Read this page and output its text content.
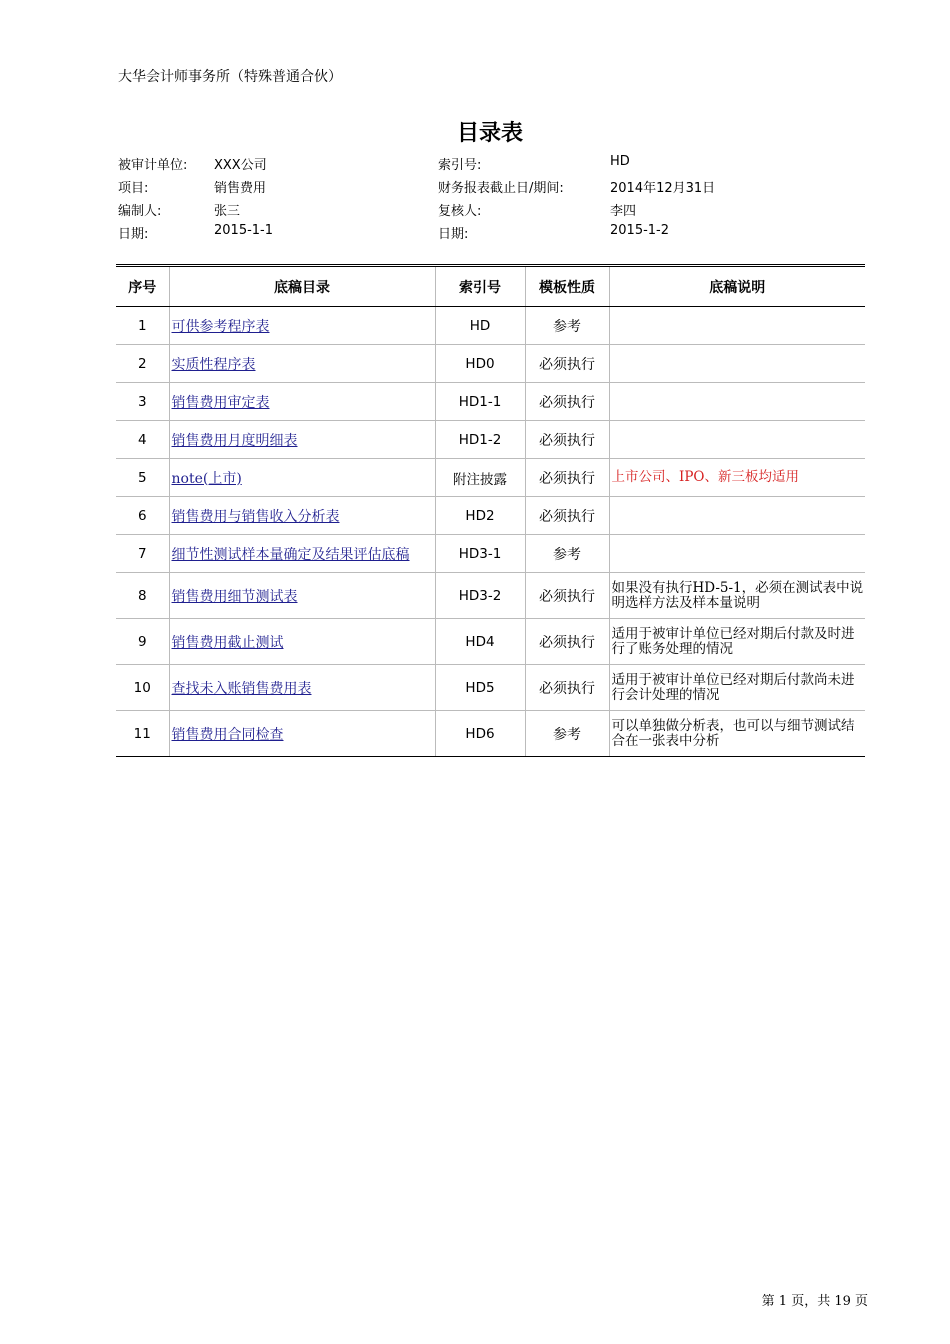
大华会计师事务所（特殊普通合伙）
目录表
被审计单位: XXX公司
项目:	销售费用
编制人:	张三
日期:	2015-1-1
索引号:	HD
财务报表截止日/期间:	2014年12月31日
复核人:	李四
日期:	2015-1-2
序号	底稿目录	索引号	模板性质	底稿说明
1	可供参考程序表	HD	参考	
2	实质性程序表	HD0	必须执行	
3	销售费用审定表	HD1-1	必须执行	
4	销售费用月度明细表	HD1-2	必须执行	
5	note(上市)	附注披露	必须执行	上市公司、IPO、新三板均适用
6	销售费用与销售收入分析表	HD2	必须执行	
7	细节性测试样本量确定及结果评估底稿	HD3-1	参考	
8	销售费用细节测试表	HD3-2	必须执行	如果没有执行HD-5-1，必须在测试表中说明选样方法及样本量说明
9	销售费用截止测试	HD4	必须执行	适用于被审计单位已经对期后付款及时进行了账务处理的情况
10	查找未入账销售费用表	HD5	必须执行	适用于被审计单位已经对期后付款尚未进行会计处理的情况
11	销售费用合同检查	HD6	参考	可以单独做分析表，也可以与细节测试结合在一张表中分析
第 1 页，共 19 页
